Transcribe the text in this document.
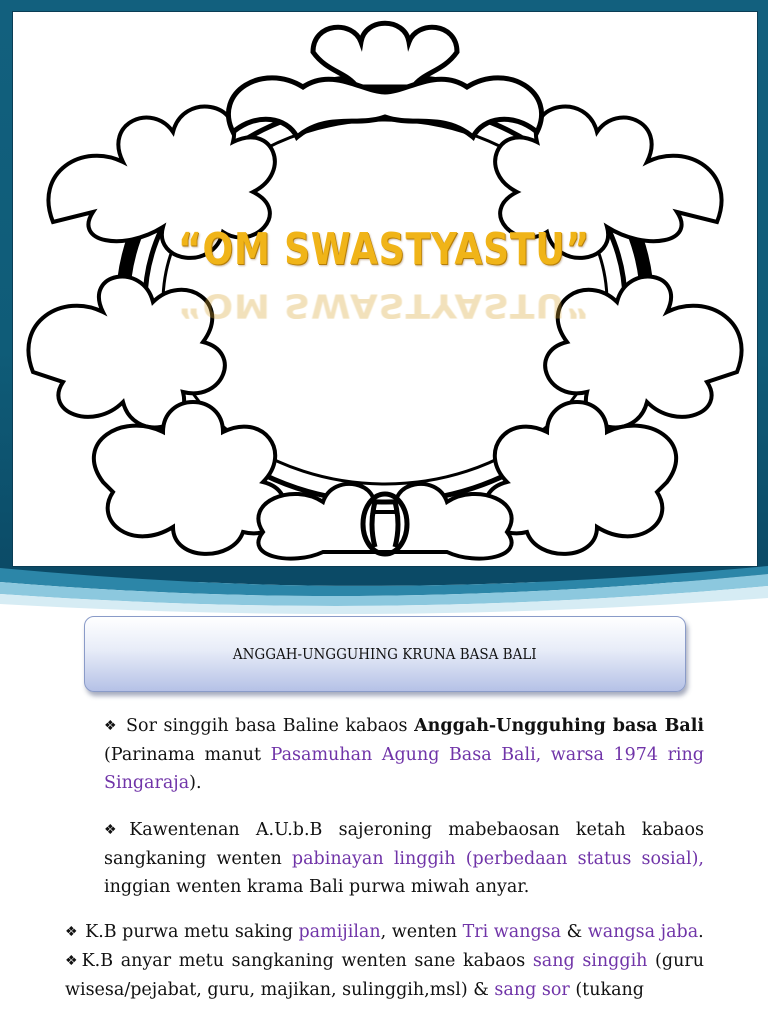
“OM SWASTYASTU”
“OM SWASTYASTU”
ANGGAH-UNGGUHING KRUNA BASA BALI
❖ Sor singgih basa Baline kabaos Anggah-Ungguhing basa Bali (Parinama manut Pasamuhan Agung Basa Bali, warsa 1974 ring Singaraja).
❖ Kawentenan A.U.b.B sajeroning mabebaosan ketah kabaos sangkaning wenten pabinayan linggih (perbedaan status sosial), inggian wenten krama Bali purwa miwah anyar.
❖ K.B purwa metu saking pamijilan, wenten Tri wangsa & wangsa jaba.
❖ K.B anyar metu sangkaning wenten sane kabaos sang singgih (guru wisesa/pejabat, guru, majikan, sulinggih,msl) & sang sor (tukang
